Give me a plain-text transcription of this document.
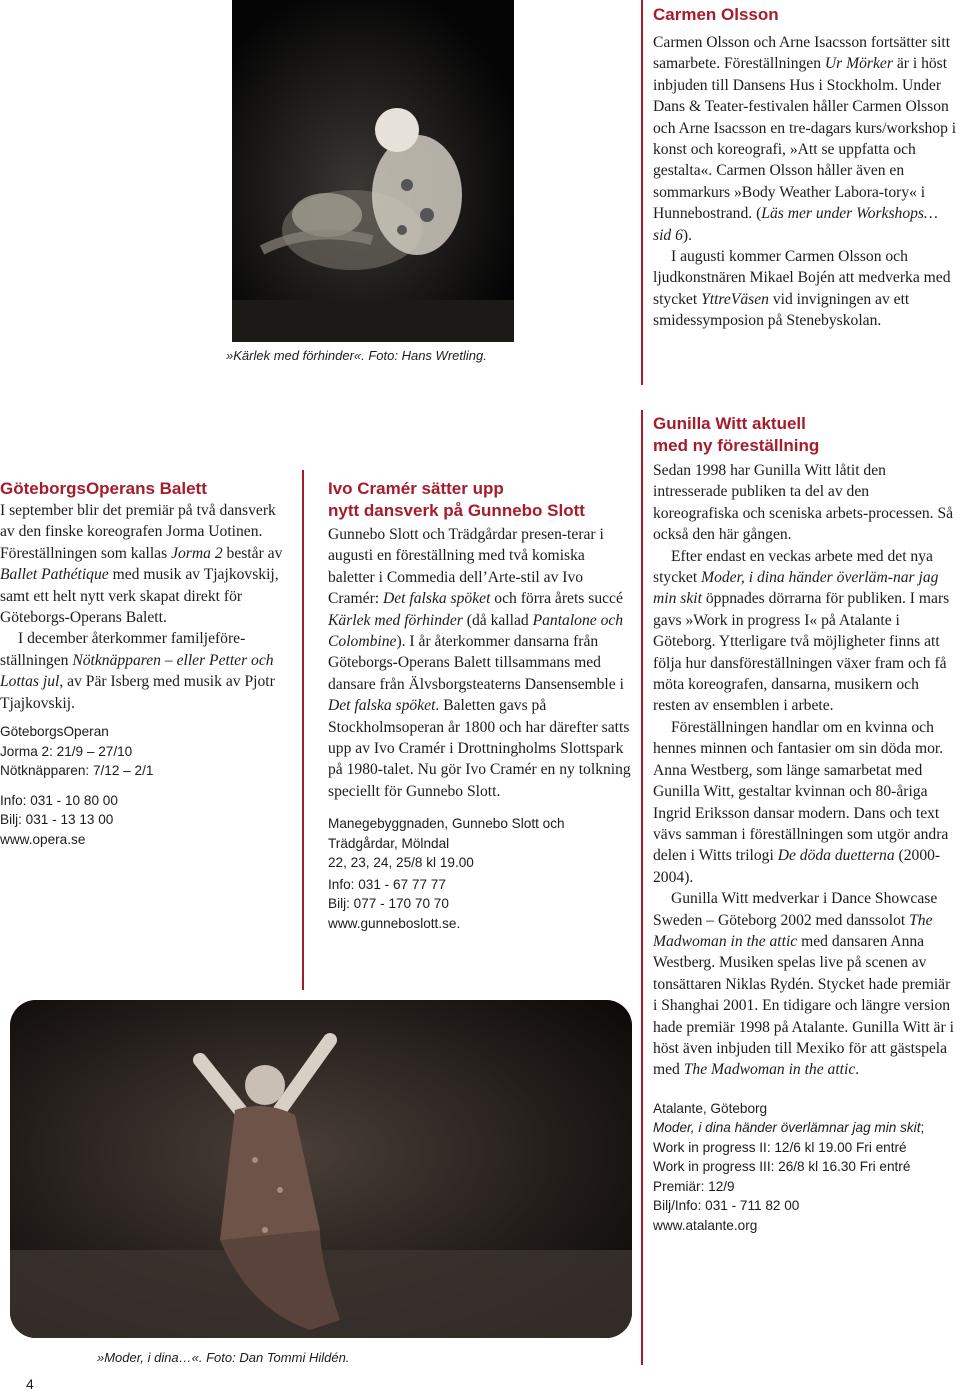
»Kärlek med förhinder«. Foto: Hans Wretling.
Carmen Olsson

Carmen Olsson och Arne Isacsson fortsätter sitt samarbete. Föreställningen Ur Mörker är i höst inbjuden till Dansens Hus i Stockholm. Under Dans & Teater-festivalen håller Carmen Olsson och Arne Isacsson en tre-dagars kurs/workshop i konst och koreografi, »Att se uppfatta och gestalta«. Carmen Olsson håller även en sommarkurs »Body Weather Labora-tory« i Hunnebostrand. (Läs mer under Workshops… sid 6).

I augusti kommer Carmen Olsson och ljudkonstnären Mikael Bojén att medverka med stycket YttreVäsen vid invigningen av ett smidessymposion på Stenebyskolan.

GöteborgsOperans Balett

I september blir det premiär på två dansverk av den finske koreografen Jorma Uotinen. Föreställningen som kallas Jorma 2 består av Ballet Pathétique med musik av Tjajkovskij, samt ett helt nytt verk skapat direkt för Göteborgs-Operans Balett.

I december återkommer familjeföre-ställningen Nötknäpparen – eller Petter och Lottas jul, av Pär Isberg med musik av Pjotr Tjajkovskij.

GöteborgsOperan
Jorma 2: 21/9 – 27/10
Nötknäpparen: 7/12 – 2/1
Info: 031 - 10 80 00
Bilj: 031 - 13 13 00
www.opera.se
Ivo Cramér sätter upp
nytt dansverk på Gunnebo Slott

Gunnebo Slott och Trädgårdar presen-terar i augusti en föreställning med två komiska baletter i Commedia dell’Arte-stil av Ivo Cramér: Det falska spöket och förra årets succé Kärlek med förhinder (då kallad Pantalone och Colombine). I år återkommer dansarna från Göteborgs-Operans Balett tillsammans med dansare från Älvsborgsteaterns Dansensemble i Det falska spöket. Baletten gavs på Stockholmsoperan år 1800 och har därefter satts upp av Ivo Cramér i Drottningholms Slottspark på 1980-talet. Nu gör Ivo Cramér en ny tolkning speciellt för Gunnebo Slott.

Manegebyggnaden, Gunnebo Slott och
Trädgårdar, Mölndal
22, 23, 24, 25/8 kl 19.00
Info: 031 - 67 77 77
Bilj: 077 - 170 70 70
www.gunneboslott.se.
Gunilla Witt aktuell
med ny föreställning

Sedan 1998 har Gunilla Witt låtit den intresserade publiken ta del av den koreografiska och sceniska arbets-processen. Så också den här gången.

Efter endast en veckas arbete med det nya stycket Moder, i dina händer överläm-nar jag min skit öppnades dörrarna för publiken. I mars gavs »Work in progress I« på Atalante i Göteborg. Ytterligare två möjligheter finns att följa hur dansföreställningen växer fram och få möta koreografen, dansarna, musikern och resten av ensemblen i arbete.

Föreställningen handlar om en kvinna och hennes minnen och fantasier om sin döda mor. Anna Westberg, som länge samarbetat med Gunilla Witt, gestaltar kvinnan och 80-åriga Ingrid Eriksson dansar modern. Dans och text vävs samman i föreställningen som utgör andra delen i Witts trilogi De döda duetterna (2000-2004).

Gunilla Witt medverkar i Dance Showcase Sweden – Göteborg 2002 med danssolot The Madwoman in the attic med dansaren Anna Westberg. Musiken spelas live på scenen av tonsättaren Niklas Rydén. Stycket hade premiär i Shanghai 2001. En tidigare och längre version hade premiär 1998 på Atalante. Gunilla Witt är i höst även inbjuden till Mexiko för att gästspela med The Madwoman in the attic.

Atalante, Göteborg
Moder, i dina händer överlämnar jag min skit;
Work in progress II: 12/6 kl 19.00 Fri entré
Work in progress III: 26/8 kl 16.30 Fri entré
Premiär: 12/9
Bilj/Info: 031 - 711 82 00
www.atalante.org
»Moder, i dina…«. Foto: Dan Tommi Hildén.
4
